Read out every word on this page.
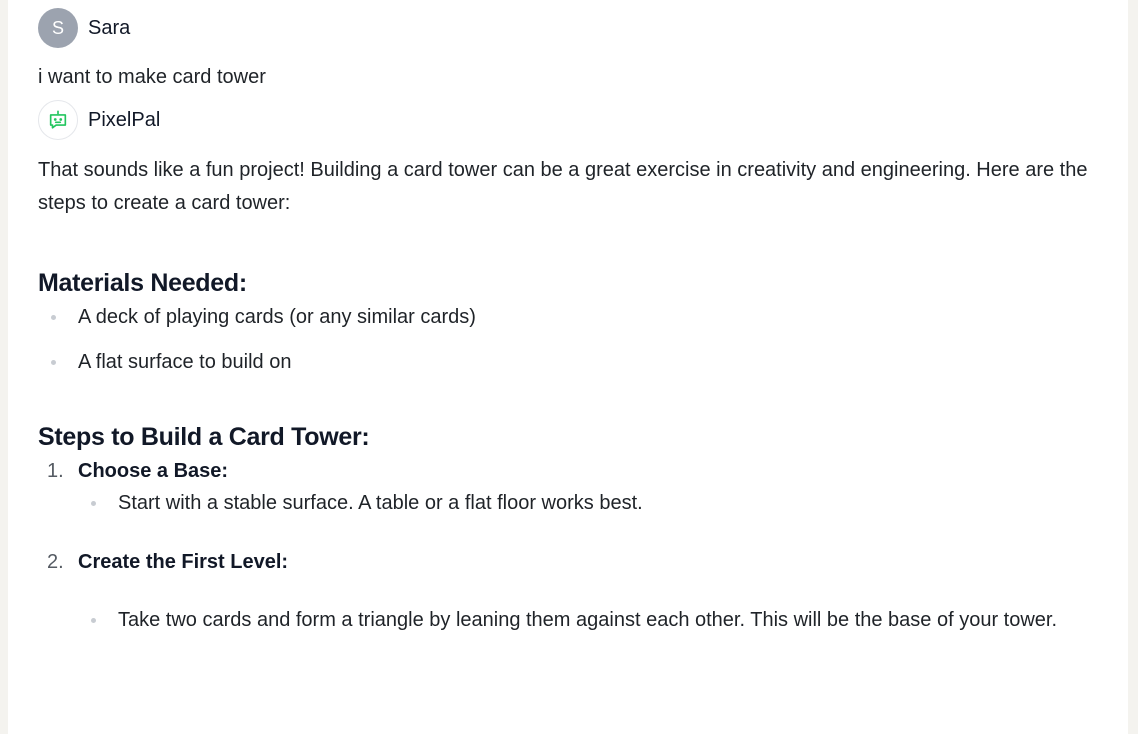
S Sara
i want to make card tower
PixelPal
That sounds like a fun project! Building a card tower can be a great exercise in creativity and engineering. Here are the steps to create a card tower:
Materials Needed:
A deck of playing cards (or any similar cards)
A flat surface to build on
Steps to Build a Card Tower:
1. Choose a Base:
Start with a stable surface. A table or a flat floor works best.
2. Create the First Level:
Take two cards and form a triangle by leaning them against each other. This will be the base of your tower.
